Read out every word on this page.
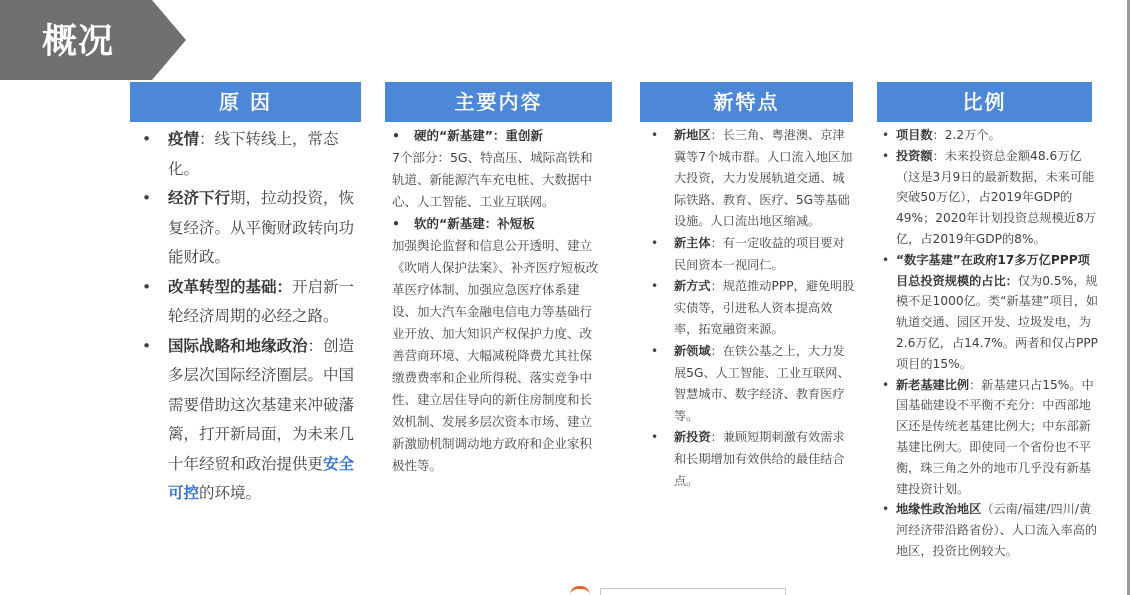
概况
原 因	主要内容	新特点	比例
• 疫情：线下转线上，常态化。
• 经济下行期，拉动投资，恢复经济。从平衡财政转向功能财政。
• 改革转型的基础：开启新一轮经济周期的必经之路。
• 国际战略和地缘政治：创造多层次国际经济圈层。中国需要借助这次基建来冲破藩篱，打开新局面，为未来几十年经贸和政治提供更安全可控的环境。
• 硬的“新基建”：重创新
7个部分：5G、特高压、城际高铁和轨道、新能源汽车充电桩、大数据中心、人工智能、工业互联网。
• 软的“新基建：补短板
加强舆论监督和信息公开透明、建立《吹哨人保护法案》、补齐医疗短板改革医疗体制、加强应急医疗体系建设、加大汽车金融电信电力等基础行业开放、加大知识产权保护力度、改善营商环境、大幅减税降费尤其社保缴费费率和企业所得税、落实竞争中性、建立居住导向的新住房制度和长效机制、发展多层次资本市场、建立新激励机制调动地方政府和企业家积极性等。
• 新地区：长三角、粤港澳、京津冀等7个城市群。人口流入地区加大投资，大力发展轨道交通、城际铁路、教育、医疗、5G等基础设施。人口流出地区缩减。
• 新主体：有一定收益的项目要对民间资本一视同仁。
• 新方式：规范推动PPP，避免明股实债等，引进私人资本提高效率，拓宽融资来源。
• 新领域：在铁公基之上，大力发展5G、人工智能、工业互联网、智慧城市、数字经济、教育医疗等。
• 新投资：兼顾短期刺激有效需求和长期增加有效供给的最佳结合点。
• 项目数：2.2万个。
• 投资额：未来投资总金额48.6万亿（这是3月9日的最新数据，未来可能突破50万亿），占2019年GDP的49%；2020年计划投资总规模近8万亿，占2019年GDP的8%。
• “数字基建”在政府17多万亿PPP项目总投资规模的占比：仅为0.5%，规模不足1000亿。类“新基建”项目，如轨道交通、园区开发、垃圾发电，为2.6万亿，占14.7%。两者和仅占PPP项目的15%。
• 新老基建比例：新基建只占15%。中国基础建设不平衡不充分：中西部地区还是传统老基建比例大；中东部新基建比例大。即使同一个省份也不平衡，珠三角之外的地市几乎没有新基建投资计划。
• 地缘性政治地区（云南/福建/四川/黄河经济带沿路省份）、人口流入率高的地区，投资比例较大。
